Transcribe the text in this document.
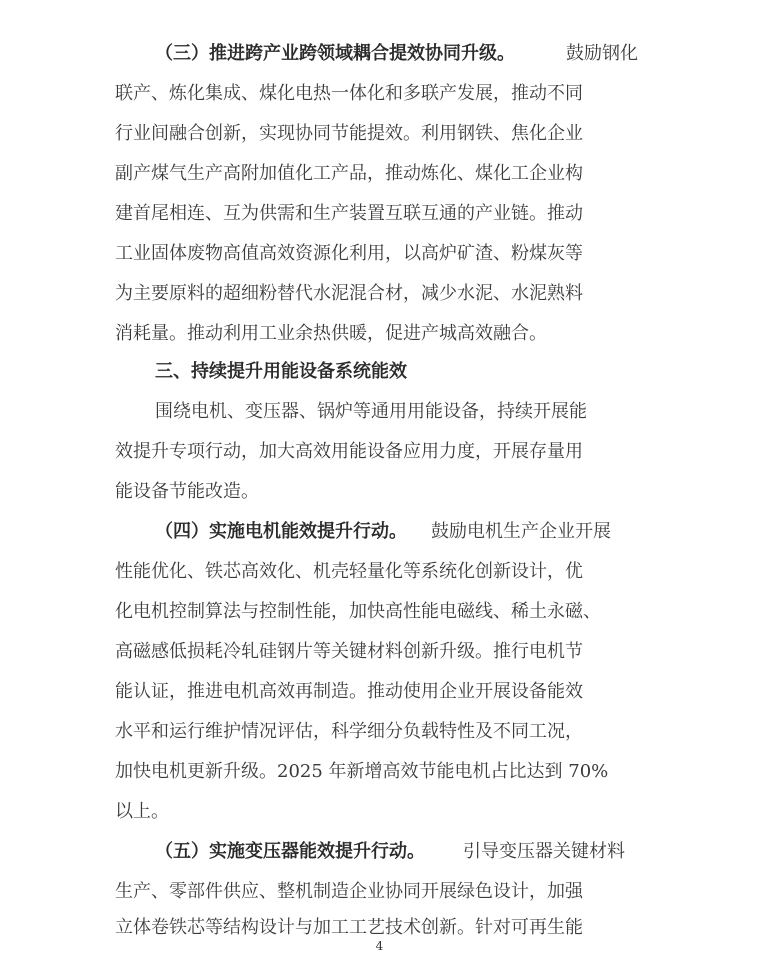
（三）推进跨产业跨领域耦合提效协同升级。	鼓励钢化
联产、炼化集成、煤化电热一体化和多联产发展，推动不同
行业间融合创新，实现协同节能提效。利用钢铁、焦化企业
副产煤气生产高附加值化工产品，推动炼化、煤化工企业构
建首尾相连、互为供需和生产装置互联互通的产业链。推动
工业固体废物高值高效资源化利用，以高炉矿渣、粉煤灰等
为主要原料的超细粉替代水泥混合材，减少水泥、水泥熟料
消耗量。推动利用工业余热供暖，促进产城高效融合。
三、持续提升用能设备系统能效
围绕电机、变压器、锅炉等通用用能设备，持续开展能
效提升专项行动，加大高效用能设备应用力度，开展存量用
能设备节能改造。
（四）实施电机能效提升行动。 鼓励电机生产企业开展
性能优化、铁芯高效化、机壳轻量化等系统化创新设计，优
化电机控制算法与控制性能，加快高性能电磁线、稀土永磁、
高磁感低损耗冷轧硅钢片等关键材料创新升级。推行电机节
能认证，推进电机高效再制造。推动使用企业开展设备能效
水平和运行维护情况评估，科学细分负载特性及不同工况，
加快电机更新升级。2025 年新增高效节能电机占比达到 70%
以上。
（五）实施变压器能效提升行动。 引导变压器关键材料
生产、零部件供应、整机制造企业协同开展绿色设计，加强
立体卷铁芯等结构设计与加工工艺技术创新。针对可再生能
4
